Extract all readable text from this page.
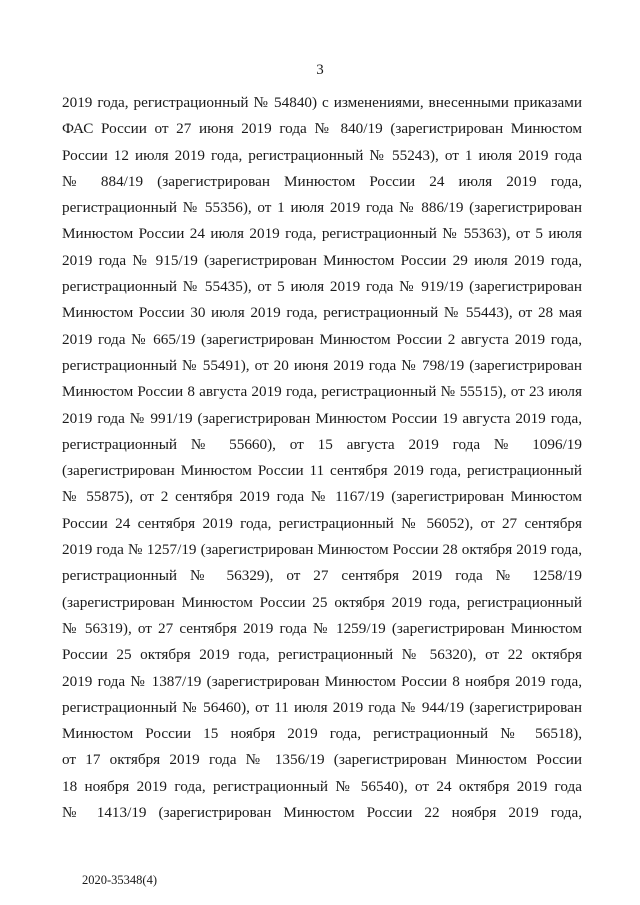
3
2019 года, регистрационный № 54840) с изменениями, внесенными приказами
ФАС России от 27 июня 2019 года № 840/19 (зарегистрирован Минюстом
России 12 июля 2019 года, регистрационный № 55243), от 1 июля 2019 года
№ 884/19 (зарегистрирован Минюстом России 24 июля 2019 года,
регистрационный № 55356), от 1 июля 2019 года № 886/19 (зарегистрирован
Минюстом России 24 июля 2019 года, регистрационный № 55363), от 5 июля
2019 года № 915/19 (зарегистрирован Минюстом России 29 июля 2019 года,
регистрационный № 55435), от 5 июля 2019 года № 919/19 (зарегистрирован
Минюстом России 30 июля 2019 года, регистрационный № 55443), от 28 мая
2019 года № 665/19 (зарегистрирован Минюстом России 2 августа 2019 года,
регистрационный № 55491), от 20 июня 2019 года № 798/19 (зарегистрирован
Минюстом России 8 августа 2019 года, регистрационный № 55515), от 23 июля
2019 года № 991/19 (зарегистрирован Минюстом России 19 августа 2019 года,
регистрационный № 55660), от 15 августа 2019 года № 1096/19
(зарегистрирован Минюстом России 11 сентября 2019 года, регистрационный
№ 55875), от 2 сентября 2019 года № 1167/19 (зарегистрирован Минюстом
России 24 сентября 2019 года, регистрационный № 56052), от 27 сентября
2019 года № 1257/19 (зарегистрирован Минюстом России 28 октября 2019 года,
регистрационный № 56329), от 27 сентября 2019 года № 1258/19
(зарегистрирован Минюстом России 25 октября 2019 года, регистрационный
№ 56319), от 27 сентября 2019 года № 1259/19 (зарегистрирован Минюстом
России 25 октября 2019 года, регистрационный № 56320), от 22 октября
2019 года № 1387/19 (зарегистрирован Минюстом России 8 ноября 2019 года,
регистрационный № 56460), от 11 июля 2019 года № 944/19 (зарегистрирован
Минюстом России 15 ноября 2019 года, регистрационный № 56518),
от 17 октября 2019 года № 1356/19 (зарегистрирован Минюстом России
18 ноября 2019 года, регистрационный № 56540), от 24 октября 2019 года
№ 1413/19 (зарегистрирован Минюстом России 22 ноября 2019 года,
2020-35348(4)
